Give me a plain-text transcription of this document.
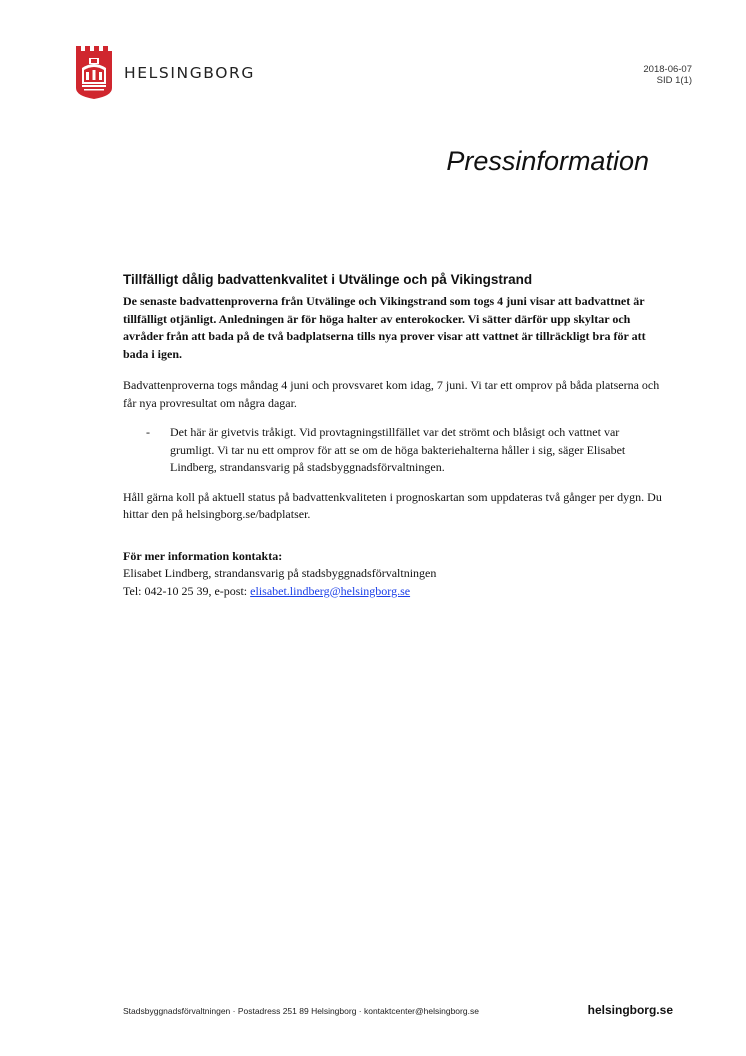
HELSINGBORG	2018-06-07
SID 1(1)
Pressinformation
Tillfälligt dålig badvattenkvalitet i Utvälinge och på Vikingstrand

De senaste badvattenproverna från Utvälinge och Vikingstrand som togs 4 juni visar att badvattnet är tillfälligt otjänligt. Anledningen är för höga halter av enterokocker. Vi sätter därför upp skyltar och avråder från att bada på de två badplatserna tills nya prover visar att vattnet är tillräckligt bra för att bada i igen.

Badvattenproverna togs måndag 4 juni och provsvaret kom idag, 7 juni. Vi tar ett omprov på båda platserna och får nya provresultat om några dagar.

- Det här är givetvis tråkigt. Vid provtagningstillfället var det strömt och blåsigt och vattnet var grumligt. Vi tar nu ett omprov för att se om de höga bakteriehalterna håller i sig, säger Elisabet Lindberg, strandansvarig på stadsbyggnadsförvaltningen.

Håll gärna koll på aktuell status på badvattenkvaliteten i prognoskartan som uppdateras två gånger per dygn. Du hittar den på helsingborg.se/badplatser.

För mer information kontakta:
Elisabet Lindberg, strandansvarig på stadsbyggnadsförvaltningen
Tel: 042-10 25 39, e-post: elisabet.lindberg@helsingborg.se
Stadsbyggnadsförvaltningen · Postadress 251 89 Helsingborg · kontaktcenter@helsingborg.se	helsingborg.se
